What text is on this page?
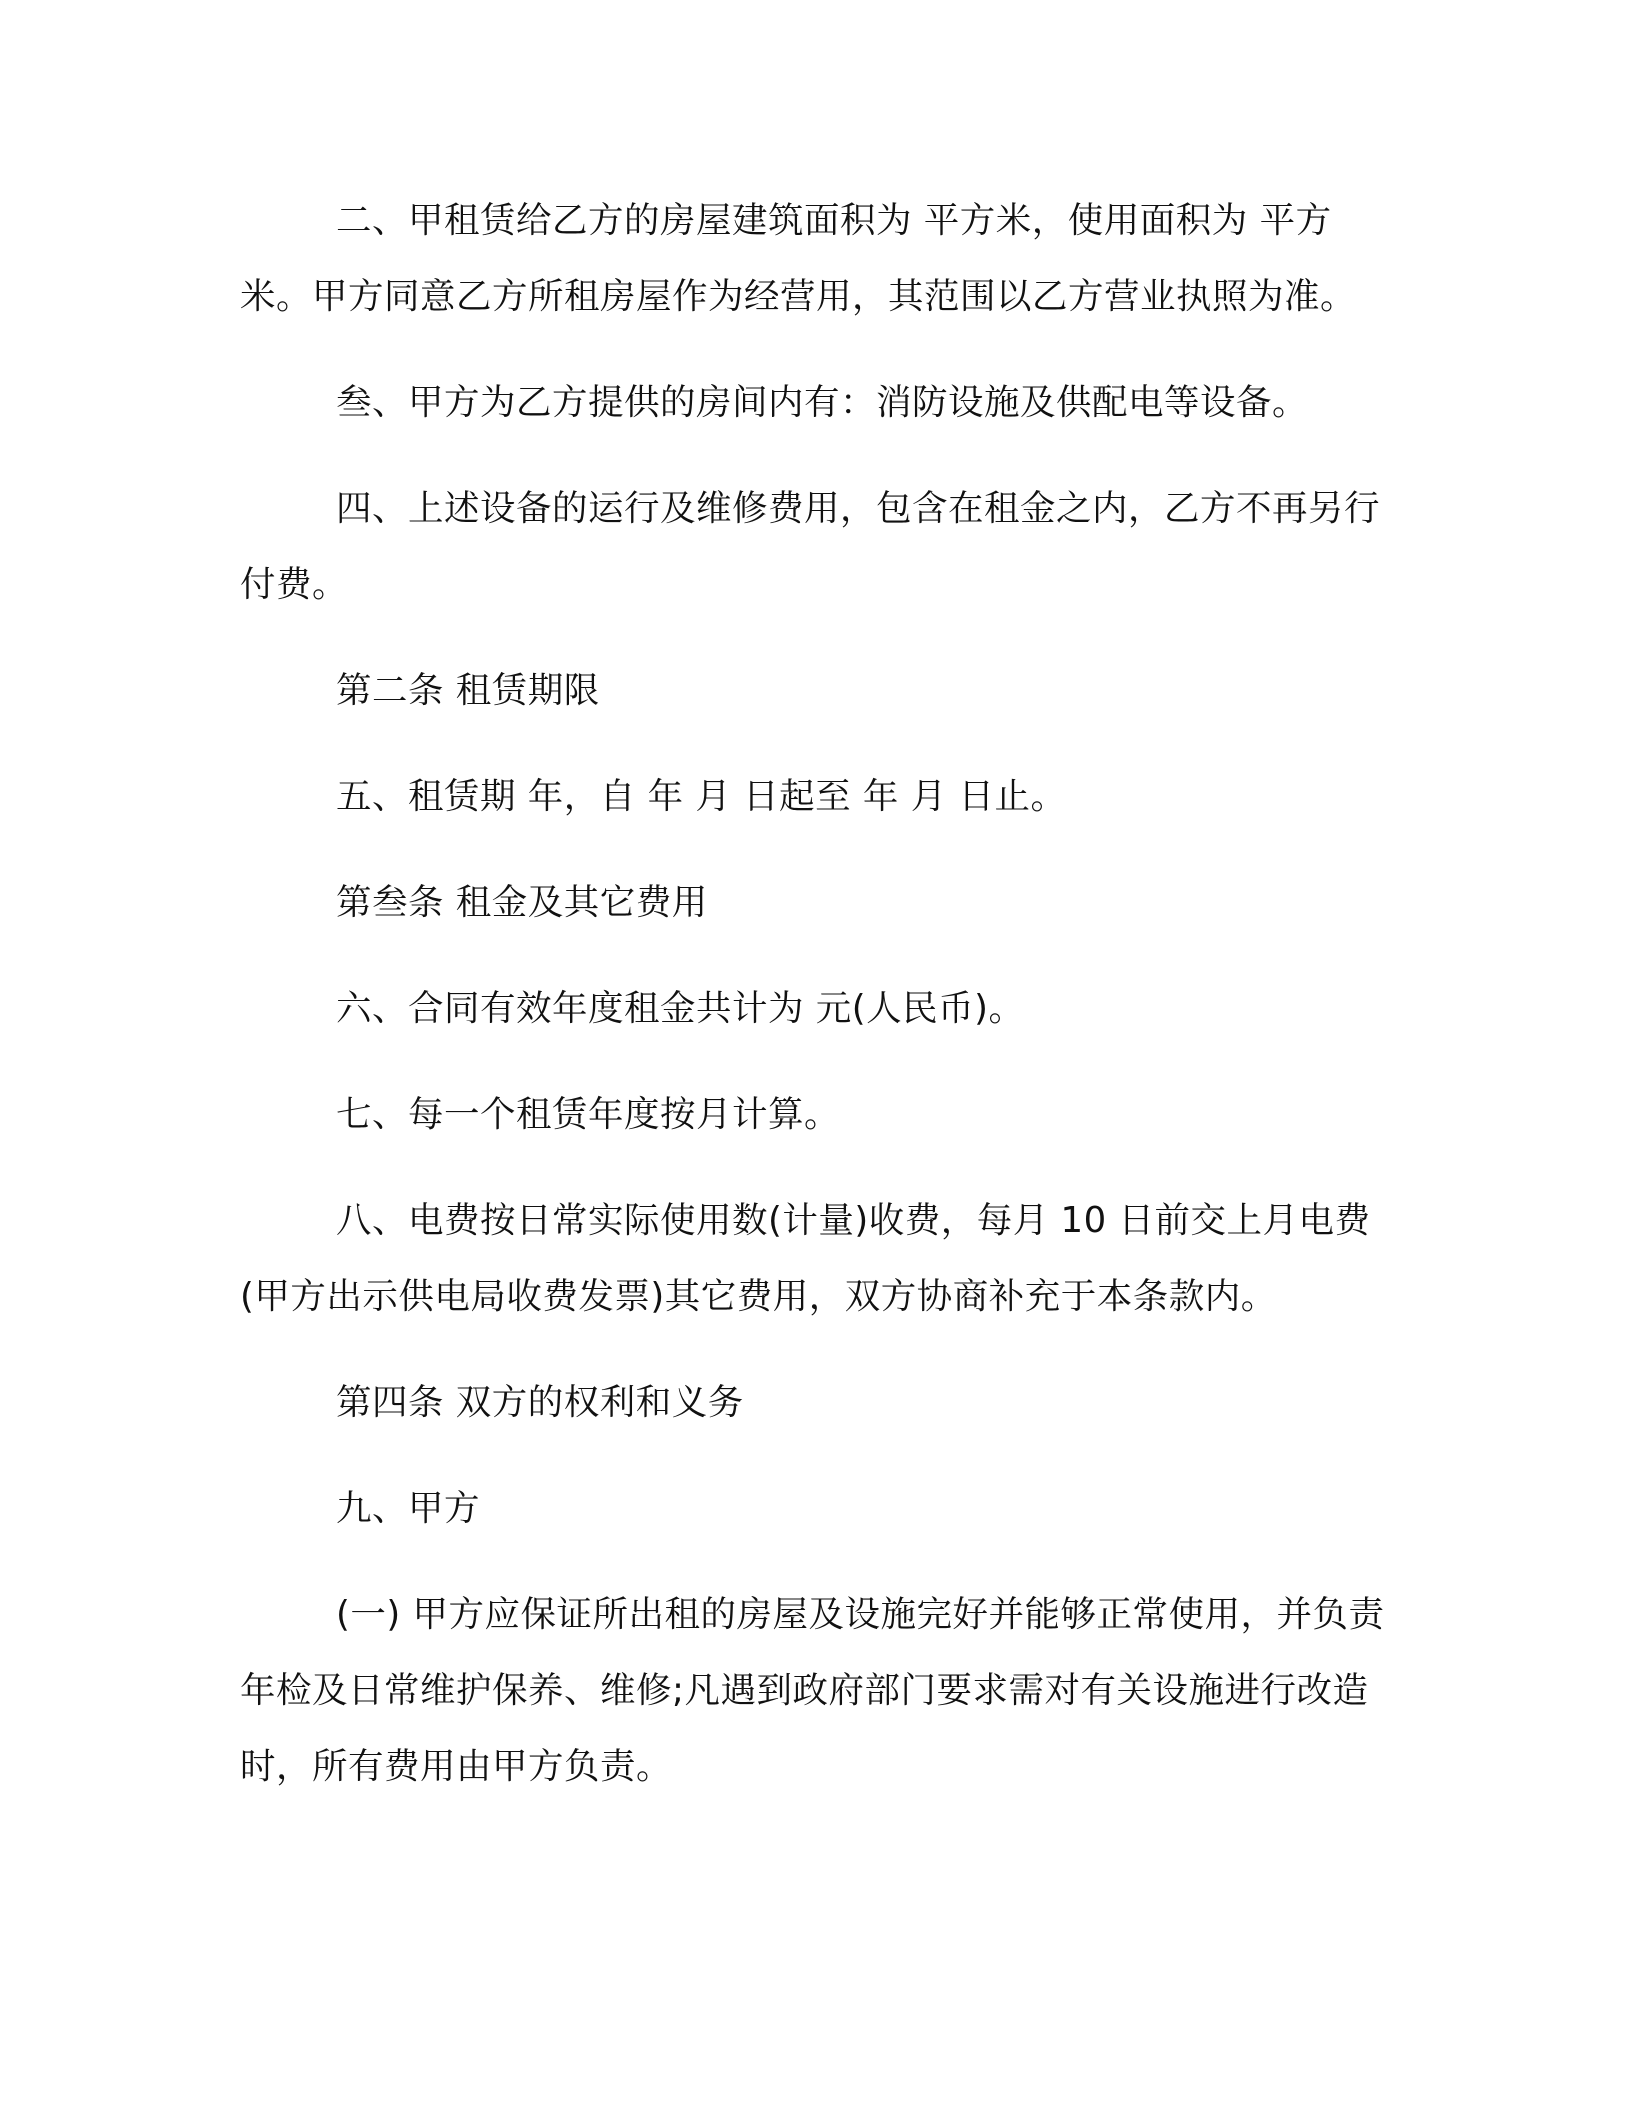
二、甲租赁给乙方的房屋建筑面积为 平方米，使用面积为 平方米。甲方同意乙方所租房屋作为经营用，其范围以乙方营业执照为准。

叁、甲方为乙方提供的房间内有：消防设施及供配电等设备。

四、上述设备的运行及维修费用，包含在租金之内，乙方不再另行付费。

第二条 租赁期限

五、租赁期 年，自 年 月 日起至 年 月 日止。

第叁条 租金及其它费用

六、合同有效年度租金共计为 元(人民币)。

七、每一个租赁年度按月计算。

八、电费按日常实际使用数(计量)收费，每月 10 日前交上月电费(甲方出示供电局收费发票)其它费用，双方协商补充于本条款内。

第四条 双方的权利和义务

九、甲方

(一) 甲方应保证所出租的房屋及设施完好并能够正常使用，并负责年检及日常维护保养、维修;凡遇到政府部门要求需对有关设施进行改造时，所有费用由甲方负责。
